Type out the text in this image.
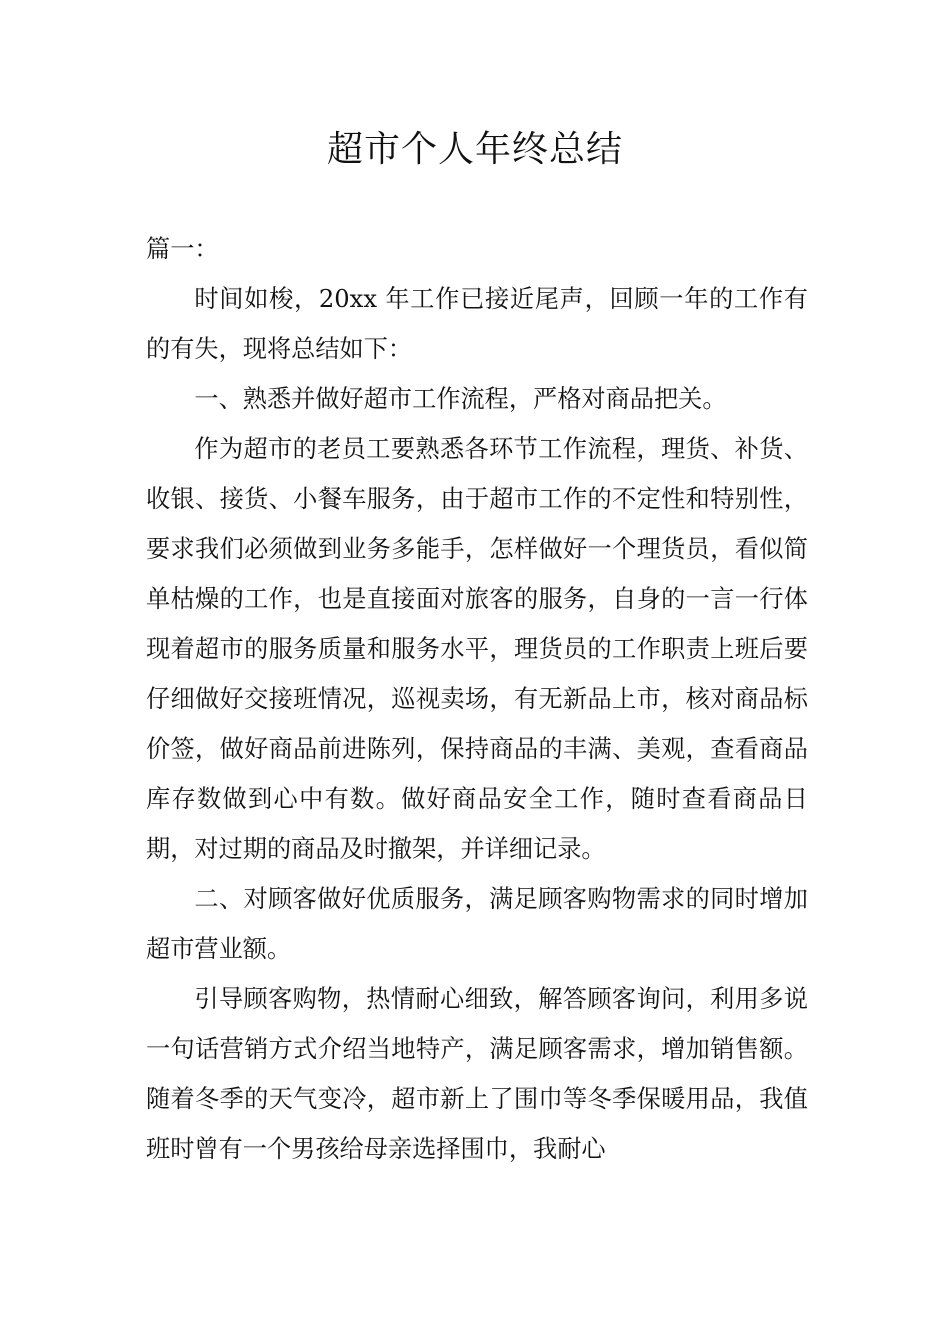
超市个人年终总结

篇一：

时间如梭，20xx 年工作已接近尾声，回顾一年的工作有的有失，现将总结如下：

一、熟悉并做好超市工作流程，严格对商品把关。

作为超市的老员工要熟悉各环节工作流程，理货、补货、收银、接货、小餐车服务，由于超市工作的不定性和特别性，要求我们必须做到业务多能手，怎样做好一个理货员，看似简单枯燥的工作，也是直接面对旅客的服务，自身的一言一行体现着超市的服务质量和服务水平，理货员的工作职责上班后要仔细做好交接班情况，巡视卖场，有无新品上市，核对商品标价签，做好商品前进陈列，保持商品的丰满、美观，查看商品库存数做到心中有数。做好商品安全工作，随时查看商品日期，对过期的商品及时撤架，并详细记录。

二、对顾客做好优质服务，满足顾客购物需求的同时增加超市营业额。

引导顾客购物，热情耐心细致，解答顾客询问，利用多说一句话营销方式介绍当地特产，满足顾客需求，增加销售额。随着冬季的天气变冷，超市新上了围巾等冬季保暖用品，我值班时曾有一个男孩给母亲选择围巾，我耐心
